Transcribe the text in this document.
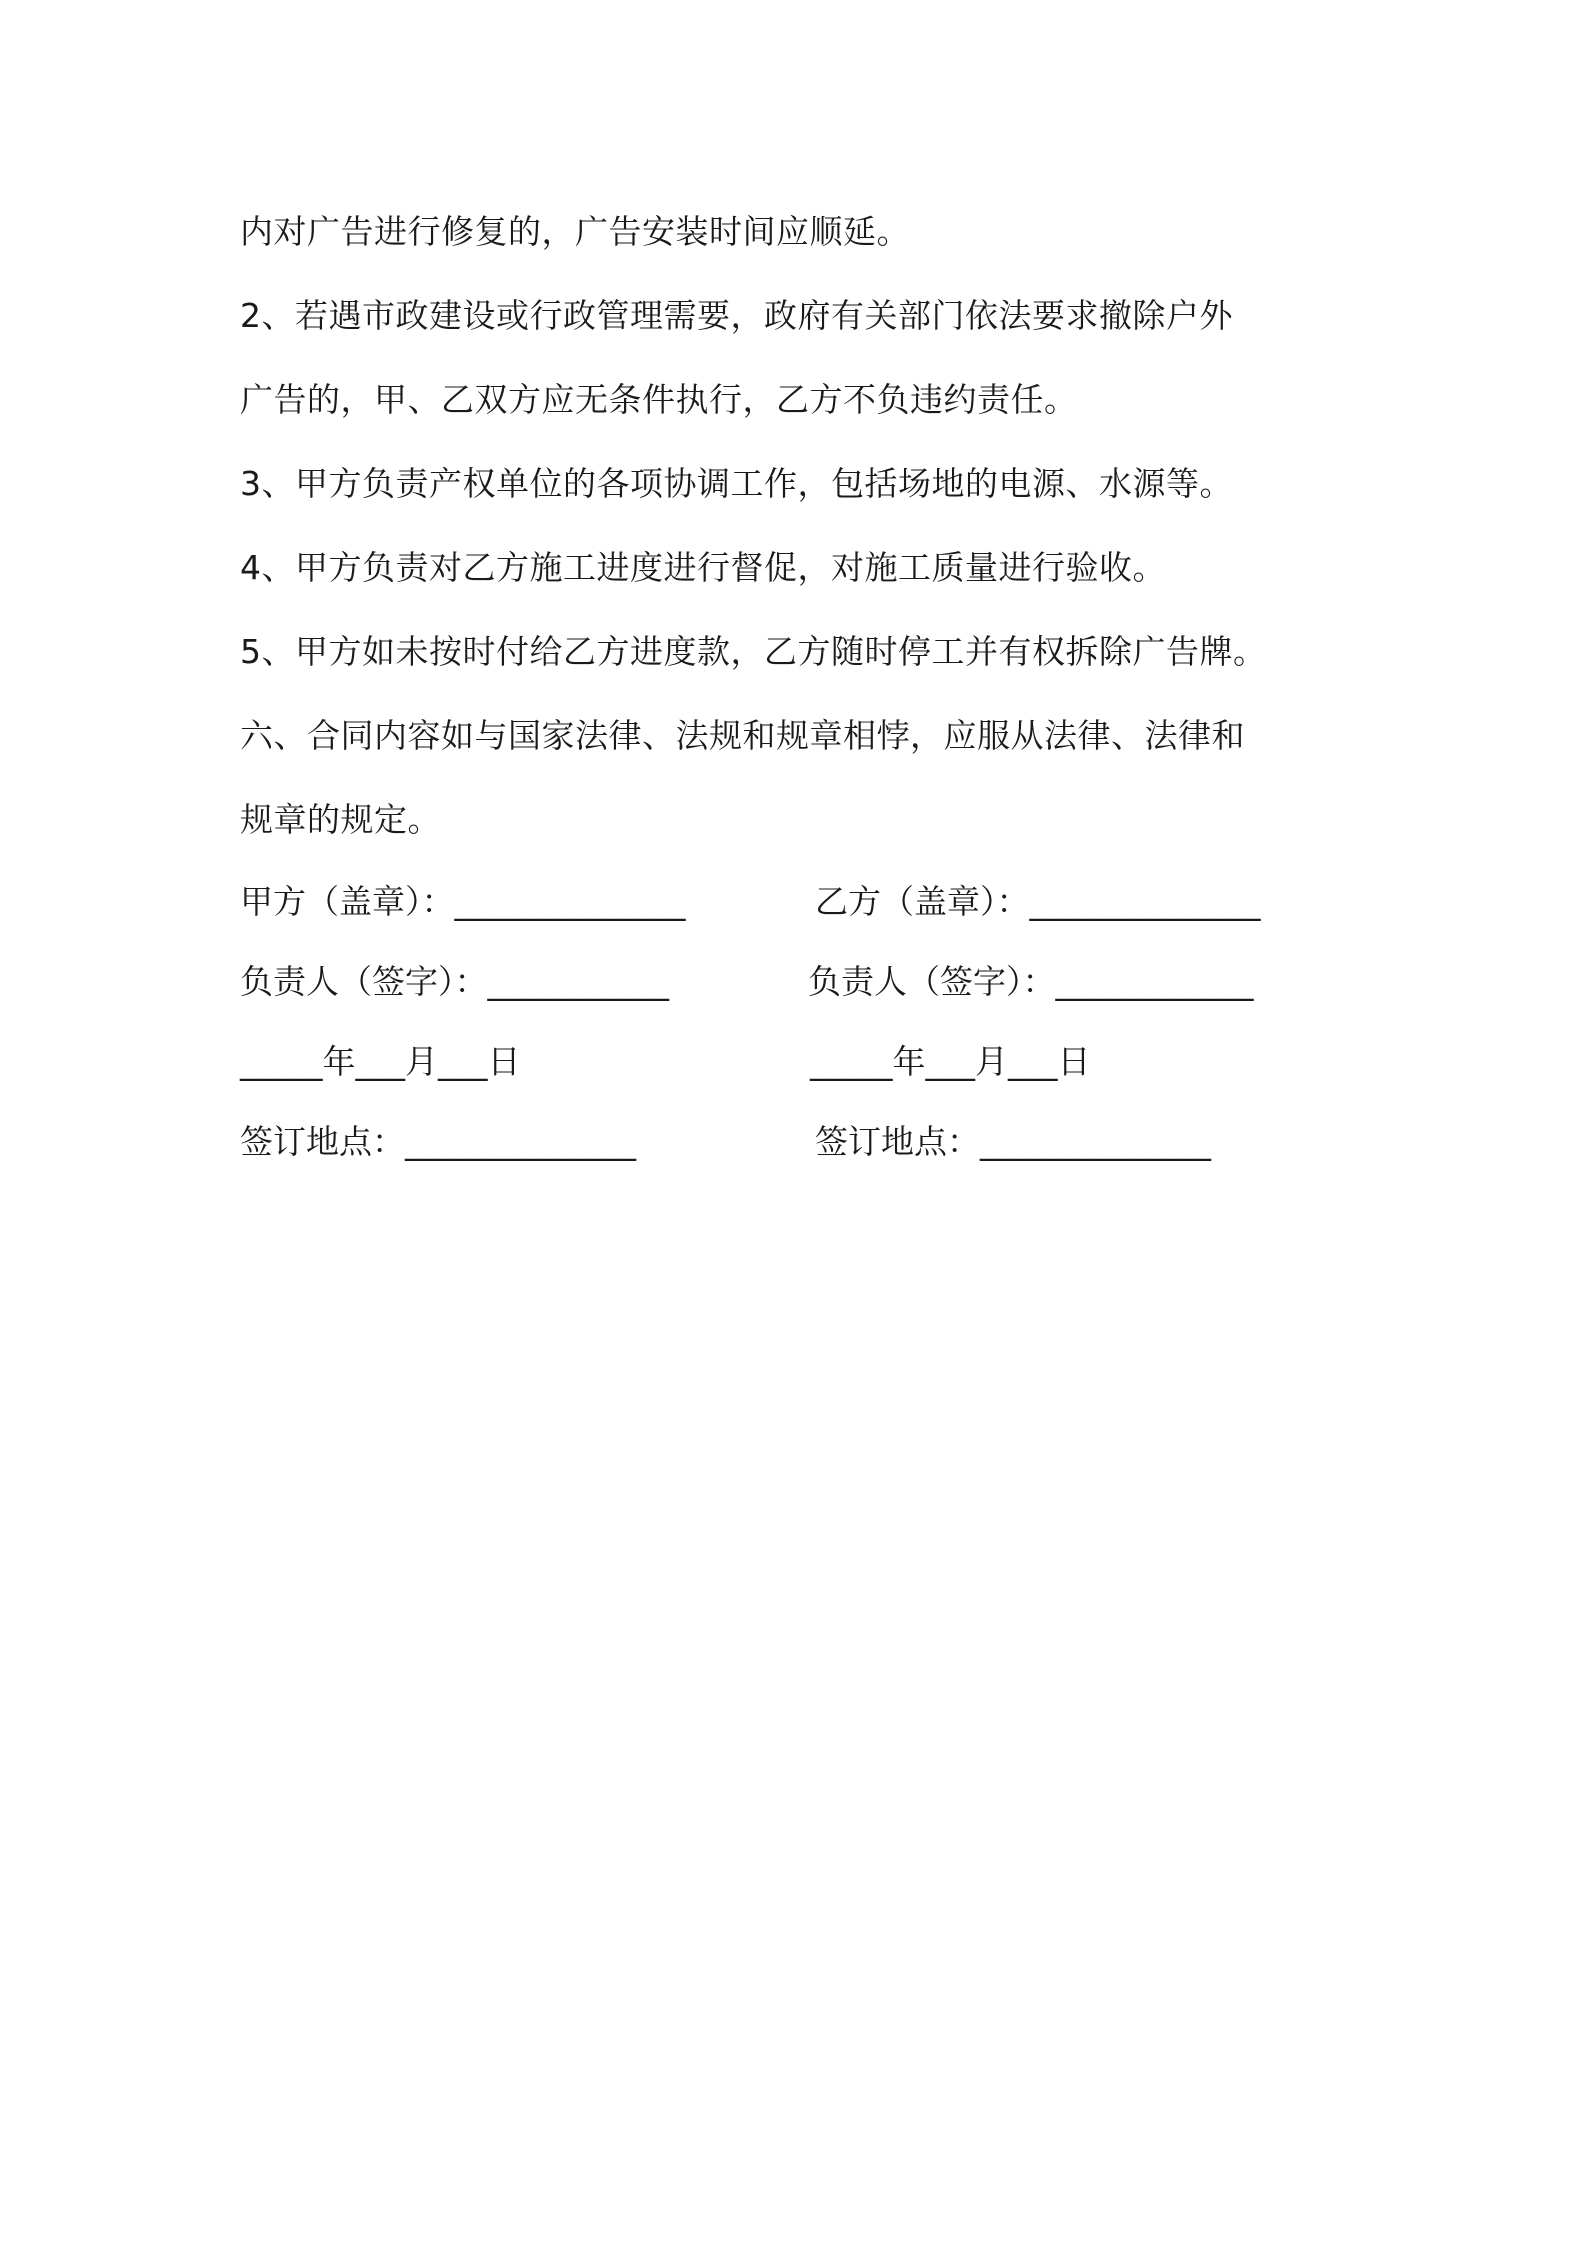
内对广告进行修复的，广告安装时间应顺延。
2、若遇市政建设或行政管理需要，政府有关部门依法要求撤除户外
广告的，甲、乙双方应无条件执行，乙方不负违约责任。
3、甲方负责产权单位的各项协调工作，包括场地的电源、水源等。
4、甲方负责对乙方施工进度进行督促，对施工质量进行验收。
5、甲方如未按时付给乙方进度款，乙方随时停工并有权拆除广告牌。
六、合同内容如与国家法律、法规和规章相悖，应服从法律、法律和
规章的规定。
甲方（盖章）：______________	乙方（盖章）：______________
负责人（签字）：___________	负责人（签字）：____________
_____年___月___日	_____年___月___日
签订地点：______________	签订地点：______________
